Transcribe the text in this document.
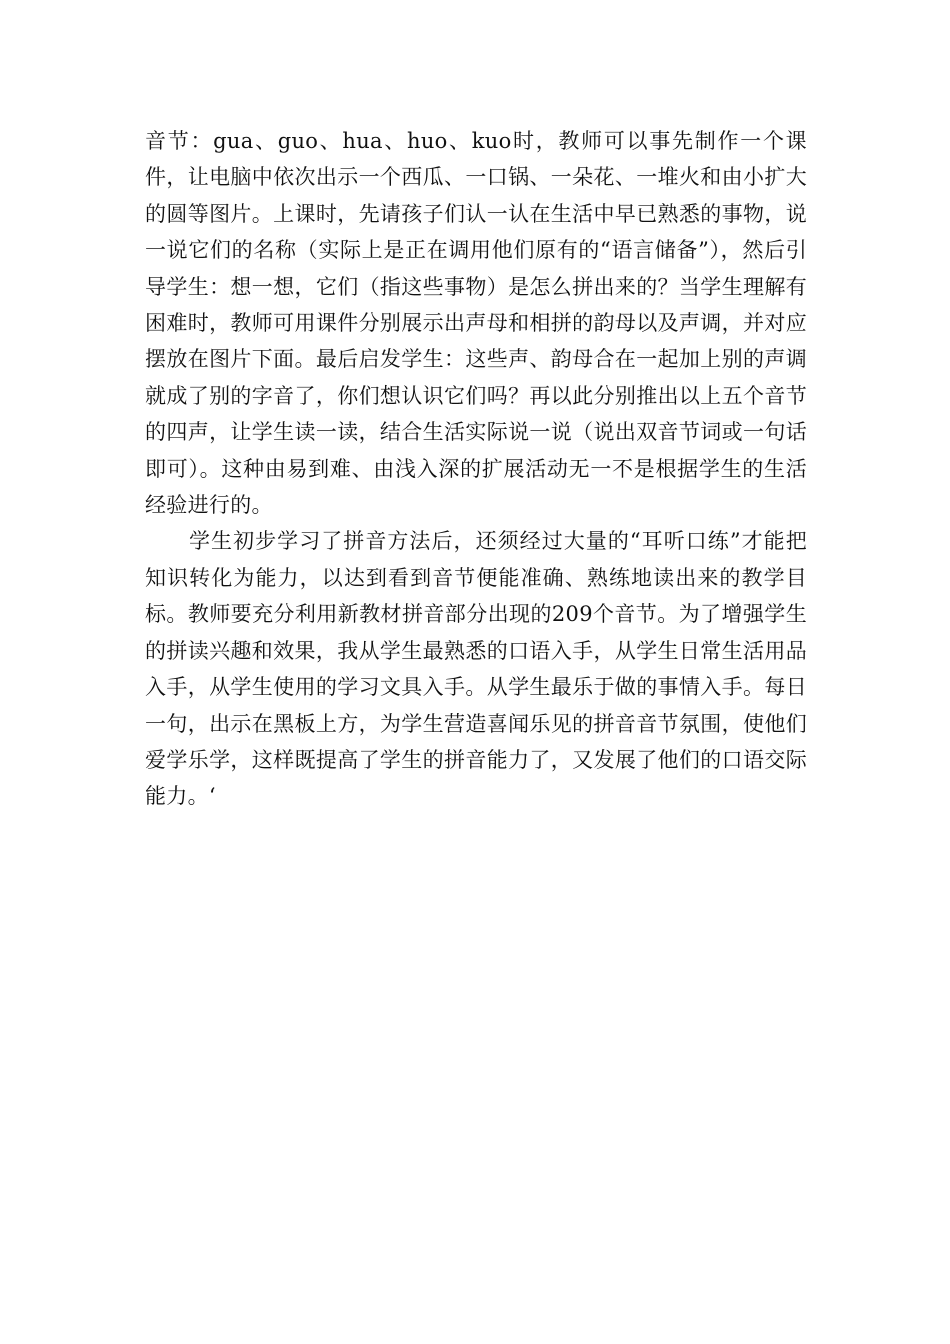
音节：gua、guo、hua、huo、kuo时，教师可以事先制作一个课件，让电脑中依次出示一个西瓜、一口锅、一朵花、一堆火和由小扩大的圆等图片。上课时，先请孩子们认一认在生活中早已熟悉的事物，说一说它们的名称（实际上是正在调用他们原有的“语言储备”），然后引导学生：想一想，它们（指这些事物）是怎么拼出来的？当学生理解有困难时，教师可用课件分别展示出声母和相拼的韵母以及声调，并对应摆放在图片下面。最后启发学生：这些声、韵母合在一起加上别的声调就成了别的字音了，你们想认识它们吗？再以此分别推出以上五个音节的四声，让学生读一读，结合生活实际说一说（说出双音节词或一句话即可）。这种由易到难、由浅入深的扩展活动无一不是根据学生的生活经验进行的。

学生初步学习了拼音方法后，还须经过大量的“耳听口练”才能把知识转化为能力，以达到看到音节便能准确、熟练地读出来的教学目标。教师要充分利用新教材拼音部分出现的209个音节。为了增强学生的拼读兴趣和效果，我从学生最熟悉的口语入手，从学生日常生活用品入手，从学生使用的学习文具入手。从学生最乐于做的事情入手。每日一句，出示在黑板上方，为学生营造喜闻乐见的拼音音节氛围，使他们爱学乐学，这样既提高了学生的拼音能力了，又发展了他们的口语交际能力。‘
